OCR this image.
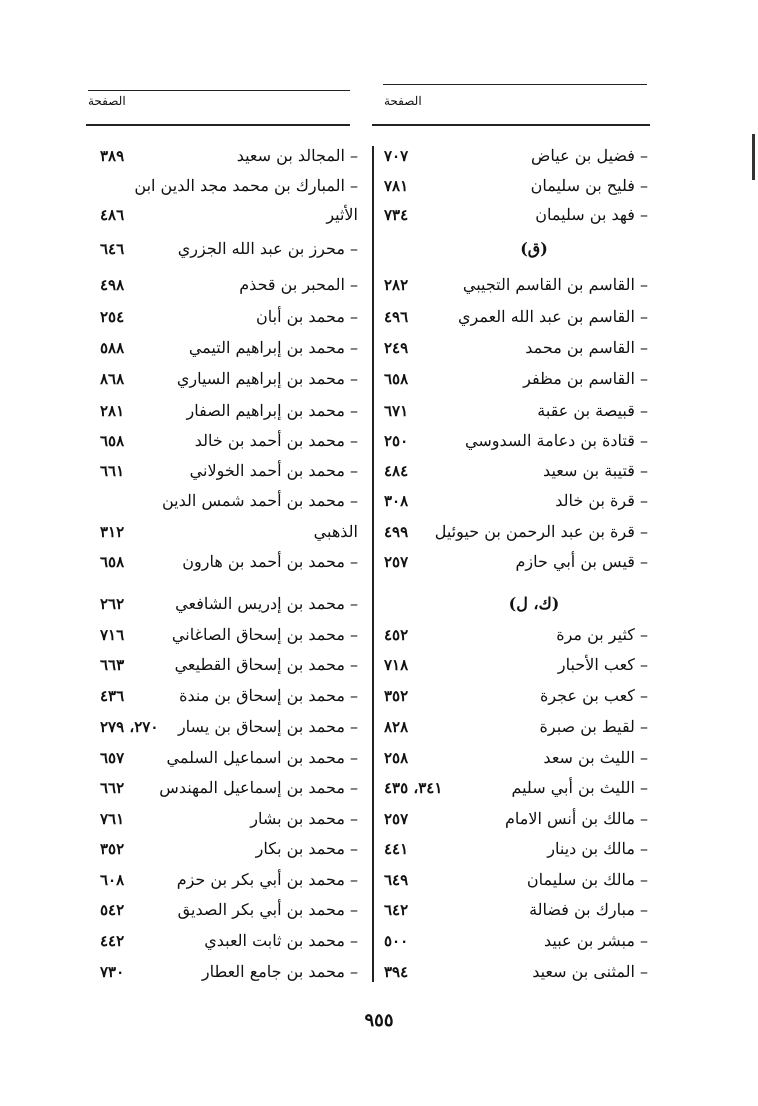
الصفحة
الصفحة
– فضيل بن عياض
٧٠٧
– فليح بن سليمان
٧٨١
– فهد بن سليمان
٧٣٤
(ق)
– القاسم بن القاسم التجيبي
٢٨٢
– القاسم بن عبد الله العمري
٤٩٦
– القاسم بن محمد
٢٤٩
– القاسم بن مظفر
٦٥٨
– قبيصة بن عقبة
٦٧١
– قتادة بن دعامة السدوسي
٢٥٠
– قتيبة بن سعيد
٤٨٤
– قرة بن خالد
٣٠٨
– قرة بن عبد الرحمن بن حيوئيل
٤٩٩
– قيس بن أبي حازم
٢٥٧
(ك، ل)
– كثير بن مرة
٤٥٢
– كعب الأحبار
٧١٨
– كعب بن عجرة
٣٥٢
– لقيط بن صبرة
٨٢٨
– الليث بن سعد
٢٥٨
– الليث بن أبي سليم
٣٤١، ٤٣٥
– مالك بن أنس الامام
٢٥٧
– مالك بن دينار
٤٤١
– مالك بن سليمان
٦٤٩
– مبارك بن فضالة
٦٤٢
– مبشر بن عبيد
٥٠٠
– المثنى بن سعيد
٣٩٤
– المجالد بن سعيد
٣٨٩
– المبارك بن محمد مجد الدين ابن
الأثير
٤٨٦
– محرز بن عبد الله الجزري
٦٤٦
– المحبر بن قحذم
٤٩٨
– محمد بن أبان
٢٥٤
– محمد بن إبراهيم التيمي
٥٨٨
– محمد بن إبراهيم السياري
٨٦٨
– محمد بن إبراهيم الصفار
٢٨١
– محمد بن أحمد بن خالد
٦٥٨
– محمد بن أحمد الخولاني
٦٦١
– محمد بن أحمد شمس الدين
الذهبي
٣١٢
– محمد بن أحمد بن هارون
٦٥٨
– محمد بن إدريس الشافعي
٢٦٢
– محمد بن إسحاق الصاغاني
٧١٦
– محمد بن إسحاق القطيعي
٦٦٣
– محمد بن إسحاق بن مندة
٤٣٦
– محمد بن إسحاق بن يسار
٢٧٠، ٢٧٩
– محمد بن اسماعيل السلمي
٦٥٧
– محمد بن إسماعيل المهندس
٦٦٢
– محمد بن بشار
٧٦١
– محمد بن بكار
٣٥٢
– محمد بن أبي بكر بن حزم
٦٠٨
– محمد بن أبي بكر الصديق
٥٤٢
– محمد بن ثابت العبدي
٤٤٢
– محمد بن جامع العطار
٧٣٠
٩٥٥
